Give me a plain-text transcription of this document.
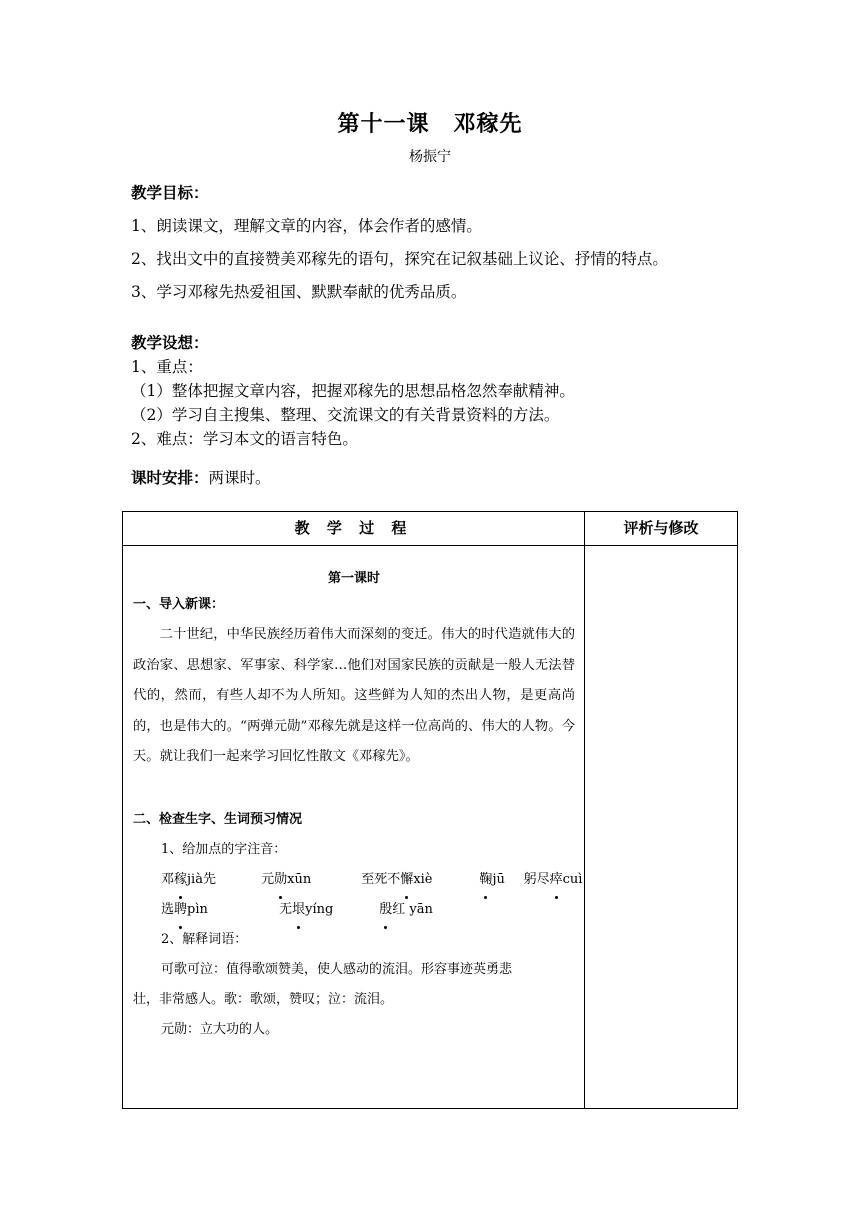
第十一课 邓稼先
杨振宁
教学目标：
1、朗读课文，理解文章的内容，体会作者的感情。
2、找出文中的直接赞美邓稼先的语句，探究在记叙基础上议论、抒情的特点。
3、学习邓稼先热爱祖国、默默奉献的优秀品质。
教学设想：
1、重点：
（1）整体把握文章内容，把握邓稼先的思想品格忽然奉献精神。
（2）学习自主搜集、整理、交流课文的有关背景资料的方法。
2、难点：学习本文的语言特色。
课时安排：两课时。
教 学 过 程	评析与修改
第一课时
一、导入新课：

二十世纪，中华民族经历着伟大而深刻的变迁。伟大的时代造就伟大的政治家、思想家、军事家、科学家…他们对国家民族的贡献是一般人无法替代的，然而，有些人却不为人所知。这些鲜为人知的杰出人物，是更高尚的，也是伟大的。“两弹元勋”邓稼先就是这样一位高尚的、伟大的人物。今天。就让我们一起来学习回忆性散文《邓稼先》。

二、检查生字、生词预习情况
1、给加点的字注音：
邓稼jià先	元勋xūn	至死不懈xiè	鞠jū 躬尽瘁cuì
选聘pìn	无垠yíng	殷红 yān
2、解释词语：
可歌可泣：值得歌颂赞美，使人感动的流泪。形容事迹英勇悲
壮，非常感人。歌：歌颂，赞叹；泣：流泪。
元勋：立大功的人。
